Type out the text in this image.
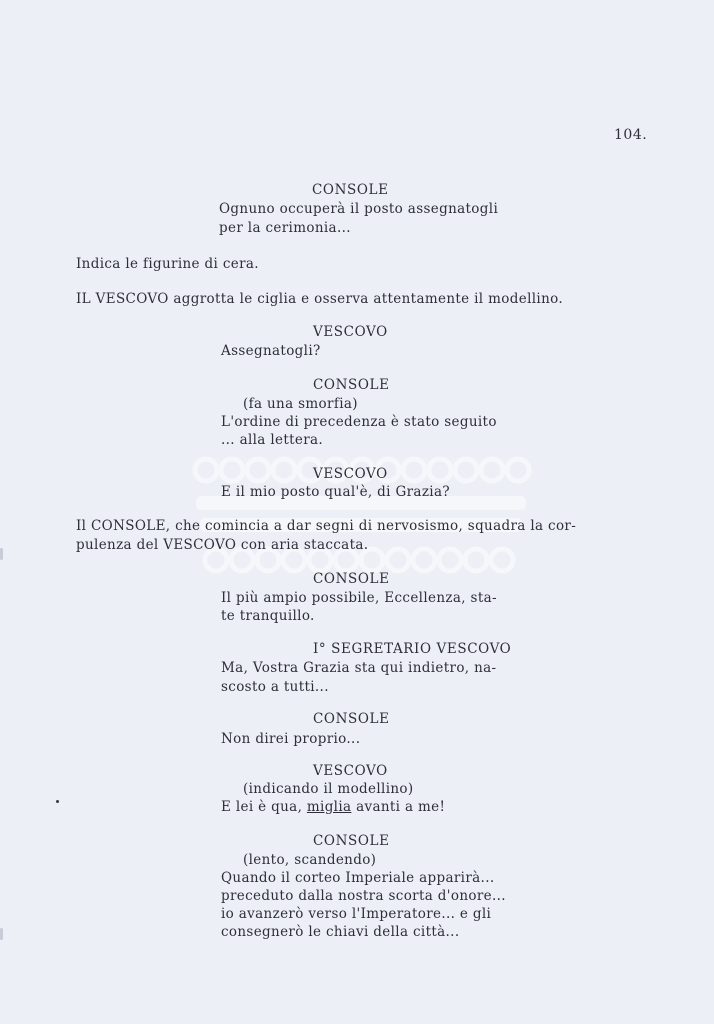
104.
CONSOLE
Ognuno occuperà il posto assegnatogli
per la cerimonia...
Indica le figurine di cera.
IL VESCOVO aggrotta le ciglia e osserva attentamente il modellino.
VESCOVO
Assegnatogli?
CONSOLE
(fa una smorfia)
L'ordine di precedenza è stato seguito
... alla lettera.
VESCOVO
E il mio posto qual'è, di Grazia?
Il CONSOLE, che comincia a dar segni di nervosismo, squadra la cor-
pulenza del VESCOVO con aria staccata.
CONSOLE
Il più ampio possibile, Eccellenza, sta-
te tranquillo.
I° SEGRETARIO VESCOVO
Ma, Vostra Grazia sta qui indietro, na-
scosto a tutti...
CONSOLE
Non direi proprio...
VESCOVO
(indicando il modellino)
E lei è qua, miglia avanti a me!
CONSOLE
(lento, scandendo)
Quando il corteo Imperiale apparirà...
preceduto dalla nostra scorta d'onore...
io avanzerò verso l'Imperatore... e gli
consegnerò le chiavi della città...
